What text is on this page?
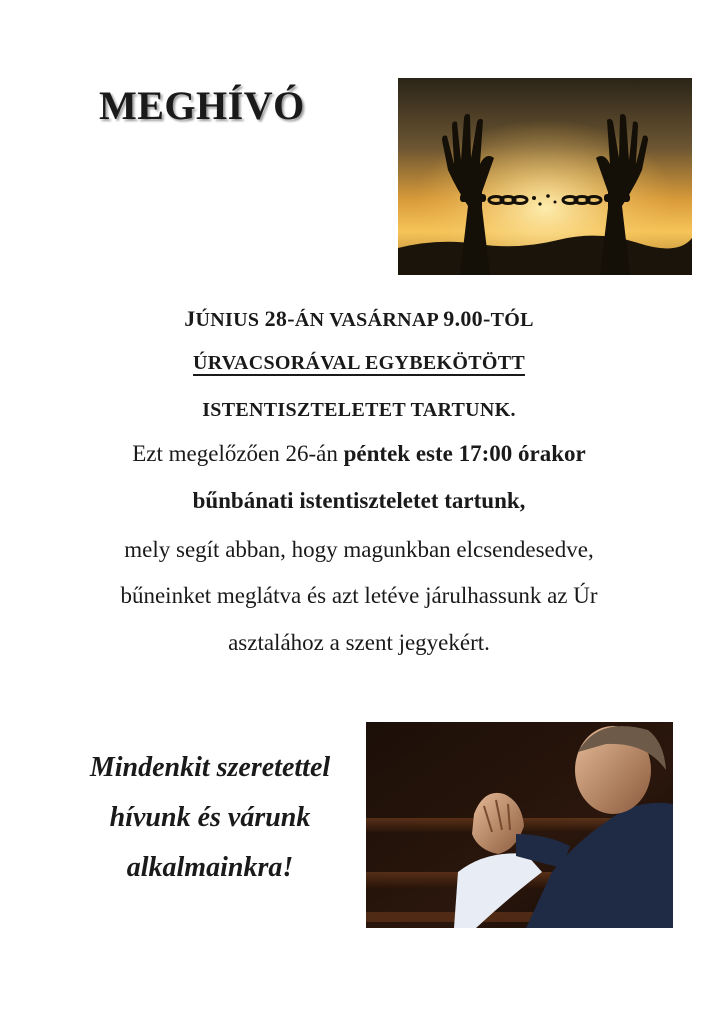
MEGHÍVÓ

JÚNIUS 28-ÁN VASÁRNAP 9.00-TÓL

ÚRVACSORÁVAL EGYBEKÖTÖTT

ISTENTISZTELETET TARTUNK.

Ezt megelőzően 26-án péntek este 17:00 órakor

bűnbánati istentiszteletet tartunk,

mely segít abban, hogy magunkban elcsendesedve,

bűneinket meglátva és azt letéve járulhassunk az Úr

asztalához a szent jegyekért.

Mindenkit szeretettel

hívunk és várunk

alkalmainkra!
